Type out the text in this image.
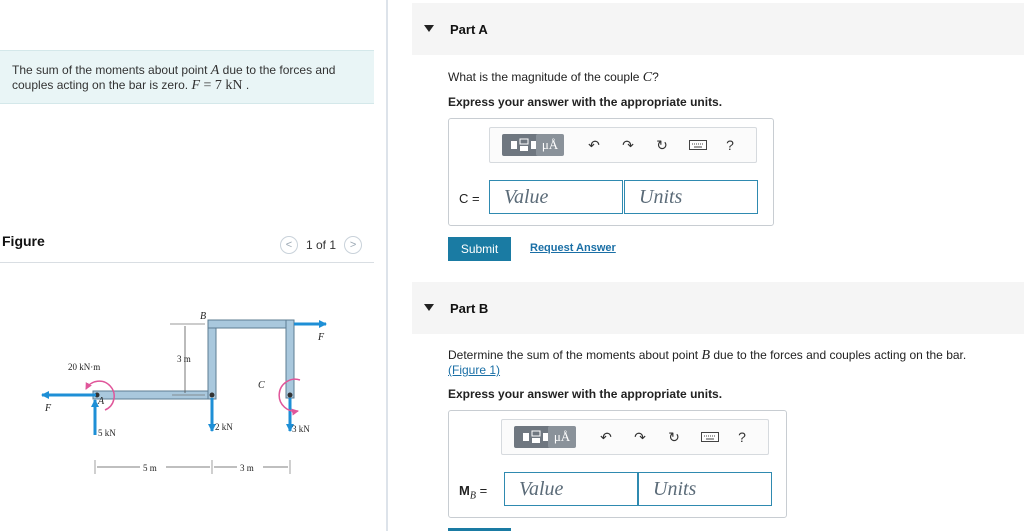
The sum of the moments about point A due to the forces and couples acting on the bar is zero. F = 7 kN .
Figure	< 1 of 1 >
F
F
5 kN
2 kN	3 kN
20 kN·m
A
C
B
3 m
5 m	3 m
Part A
What is the magnitude of the couple C?
Express your answer with the appropriate units.
μÅ	↶	↷	↻	?
C =	Value	Units
Submit	Request Answer
Part B
Determine the sum of the moments about point B due to the forces and couples acting on the bar.
(Figure 1)
Express your answer with the appropriate units.
μÅ	↶	↷	↻	?
$M_B$ =	Value	Units
